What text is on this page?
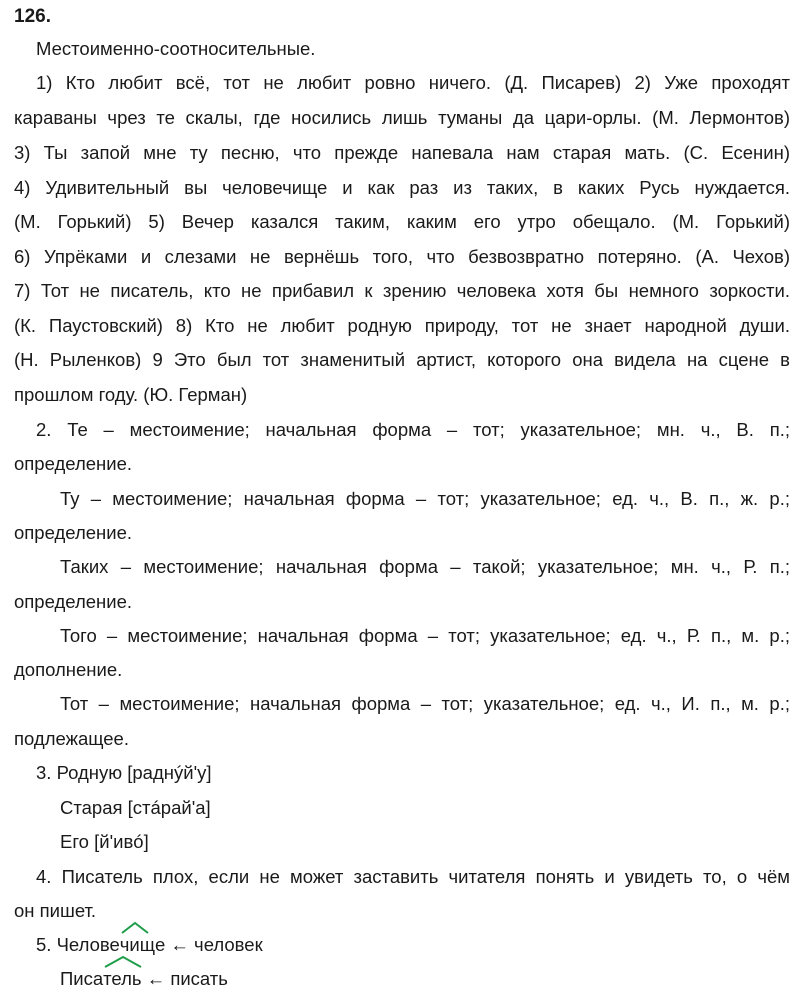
126.
Местоименно-соотносительные.
1) Кто любит всё, тот не любит ровно ничего. (Д. Писарев) 2) Уже проходят
караваны чрез те скалы, где носились лишь туманы да цари-орлы. (М. Лермонтов)
3) Ты запой мне ту песню, что прежде напевала нам старая мать. (С. Есенин)
4) Удивительный вы человечище и как раз из таких, в каких Русь нуждается.
(М. Горький) 5) Вечер казался таким, каким его утро обещало. (М. Горький)
6) Упрёками и слезами не вернёшь того, что безвозвратно потеряно. (А. Чехов)
7) Тот не писатель, кто не прибавил к зрению человека хотя бы немного зоркости.
(К. Паустовский) 8) Кто не любит родную природу, тот не знает народной души.
(Н. Рыленков) 9 Это был тот знаменитый артист, которого она видела на сцене в
прошлом году. (Ю. Герман)
2. Те – местоимение; начальная форма – тот; указательное; мн. ч., В. п.;
определение.
Ту – местоимение; начальная форма – тот; указательное; ед. ч., В. п., ж. р.;
определение.
Таких – местоимение; начальная форма – такой; указательное; мн. ч., Р. п.;
определение.
Того – местоимение; начальная форма – тот; указательное; ед. ч., Р. п., м. р.;
дополнение.
Тот – местоимение; начальная форма – тот; указательное; ед. ч., И. п., м. р.;
подлежащее.
3. Родную [раднýй'у]
Старая [стáрай'а]
Его [й'ивó]
4. Писатель плох, если не может заставить читателя понять и увидеть то, о чём
он пишет.
5. Челове
чище ← человек
Писа
тель ← писать
